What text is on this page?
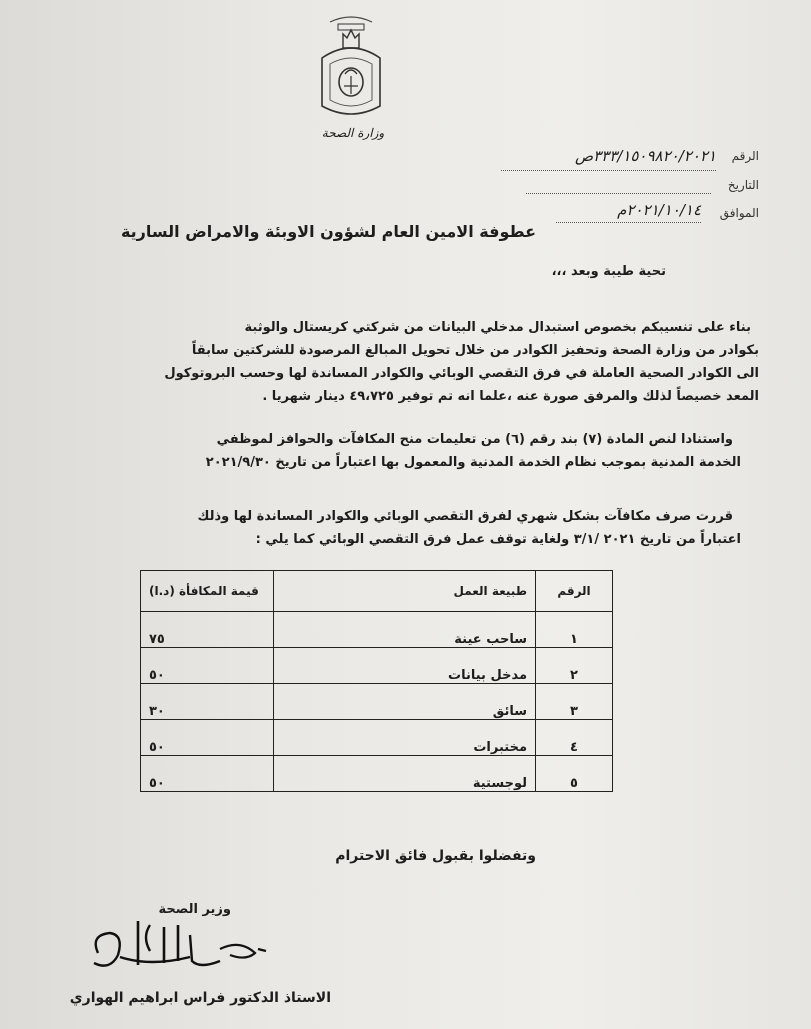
وزارة الصحة
الرقم
٣٣٣/١٥٠٩٨٢٠/٢٠٢١ص
التاريخ
الموافق
٢٠٢١/١٠/١٤م
عطوفة الامين العام لشؤون الاوبئة والامراض السارية
تحية طيبة وبعد ،،،
بناء على تنسيبكم بخصوص استبدال مدخلي البيانات من شركتي كريستال والوثبة
بكوادر من وزارة الصحة وتحفيز الكوادر من خلال تحويل المبالغ المرصودة للشركتين سابقاً
الى الكوادر الصحية العاملة في فرق التقصي الوبائي والكوادر المساندة لها وحسب البروتوكول
المعد خصيصاً لذلك والمرفق صورة عنه ،علما انه تم توفير ٤٩،٧٢٥ دينار شهريا .
واستنادا لنص المادة (٧) بند رقم (٦) من تعليمات منح المكافآت والحوافز لموظفي
الخدمة المدنية بموجب نظام الخدمة المدنية والمعمول بها اعتباراً من تاريخ ٢٠٢١/٩/٣٠
قررت صرف مكافآت بشكل شهري لفرق التقصي الوبائي والكوادر المساندة لها وذلك
اعتباراً من تاريخ ٢٠٢١ /٣/١ ولغاية توقف عمل فرق التقصي الوبائي كما يلي :
الرقم	طبيعة العمل	قيمة المكافأة (د.ا)
١	ساحب عينة	٧٥
٢	مدخل بيانات	٥٠
٣	سائق	٣٠
٤	مختبرات	٥٠
٥	لوجستية	٥٠
وتفضلوا بقبول فائق الاحترام
وزير الصحة
الاستاذ الدكتور فراس ابراهيم الهواري
